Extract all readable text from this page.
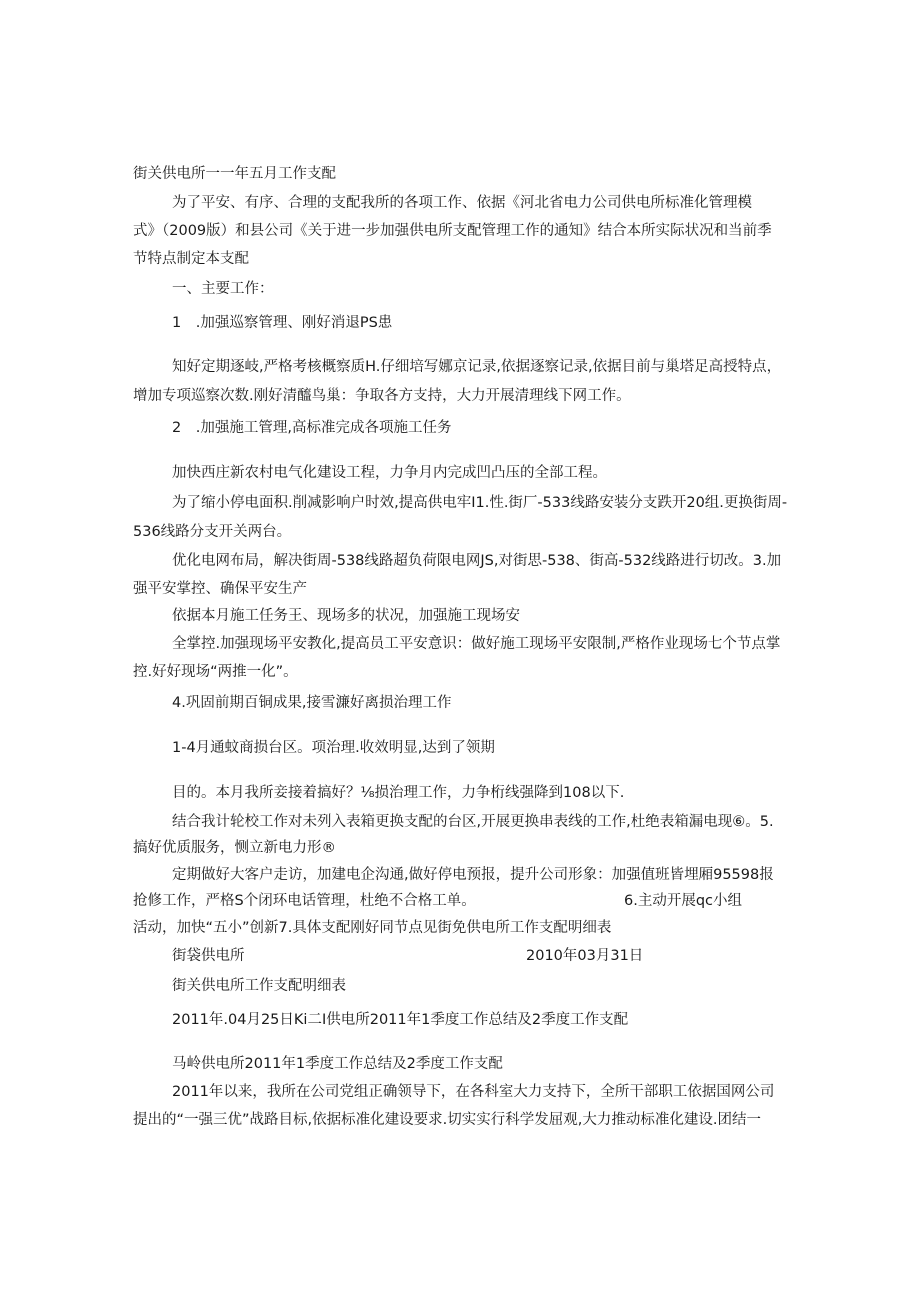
街关供电所一一年五月工作支配
为了平安、有序、合理的支配我所的各项工作、依据《河北省电力公司供电所标准化管理模
式》（2009版）和县公司《关于进一步加强供电所支配管理工作的通知》结合本所实际状况和当前季
节特点制定本支配
一、主要工作：
1　.加强巡察管理、刚好消退PS患
知好定期逐岐,严格考核概察质H.仔细培写娜京记录,依据逐察记录,依据目前与巢塔足高授特点，
增加专项巡察次数.刚好清醯鸟巢：争取各方支持，大力开展清理线下网工作。
2　.加强施工管理,高标准完成各项施工任务
加快西庄新农村电气化建设工程，力争月内完成凹凸压的全部工程。
为了缩小停电面积.削减影响户时效,提高供电牢I1.性.街厂-533线路安装分支跌开20组.更换街周-
536线路分支开关两台。
优化电网布局，解决街周-538线路超负荷限电网JS,对街思-538、街高-532线路进行切改。3.加
强平安掌控、确保平安生产
依据本月施工任务王、现场多的状况，加强施工现场安
全掌控.加强现场平安教化,提高员工平安意识：做好施工现场平安限制,严格作业现场七个节点掌
控.好好现场“两推一化”。
4.巩固前期百铜成果,接雪濂好离损治理工作
1-4月通蚊商损台区。项治理.收效明显,达到了领期
目的。本月我所妾接着搞好？⅛损治理工作，力争桁线强降到108以下.
结合我计轮校工作对未列入表箱更换支配的台区,开展更换串表线的工作,杜绝表箱漏电现⑥。5.
搞好优质服务，恻立新电力形®
定期做好大客户走访，加建电企沟通,做好停电预报，提升公司形象：加强值班皆埋厢95598报
抢修工作，严格S个闭环电话管理，杜绝不合格工单。	6.主动开展qc小组
活动，加快“五小”创新7.具体支配刚好同节点见街免供电所工作支配明细表
街袋供电所	2010年03月31日
街关供电所工作支配明细表
2011年.04月25日Ki二I供电所2011年1季度工作总结及2季度工作支配
马岭供电所2011年1季度工作总结及2季度工作支配
2011年以来，我所在公司党组正确领导下，在各科室大力支持下，全所干部职工依据国网公司
提出的“一强三优”战路目标,依据标准化建设要求.切实实行科学发屈观,大力推动标准化建设.团结一
